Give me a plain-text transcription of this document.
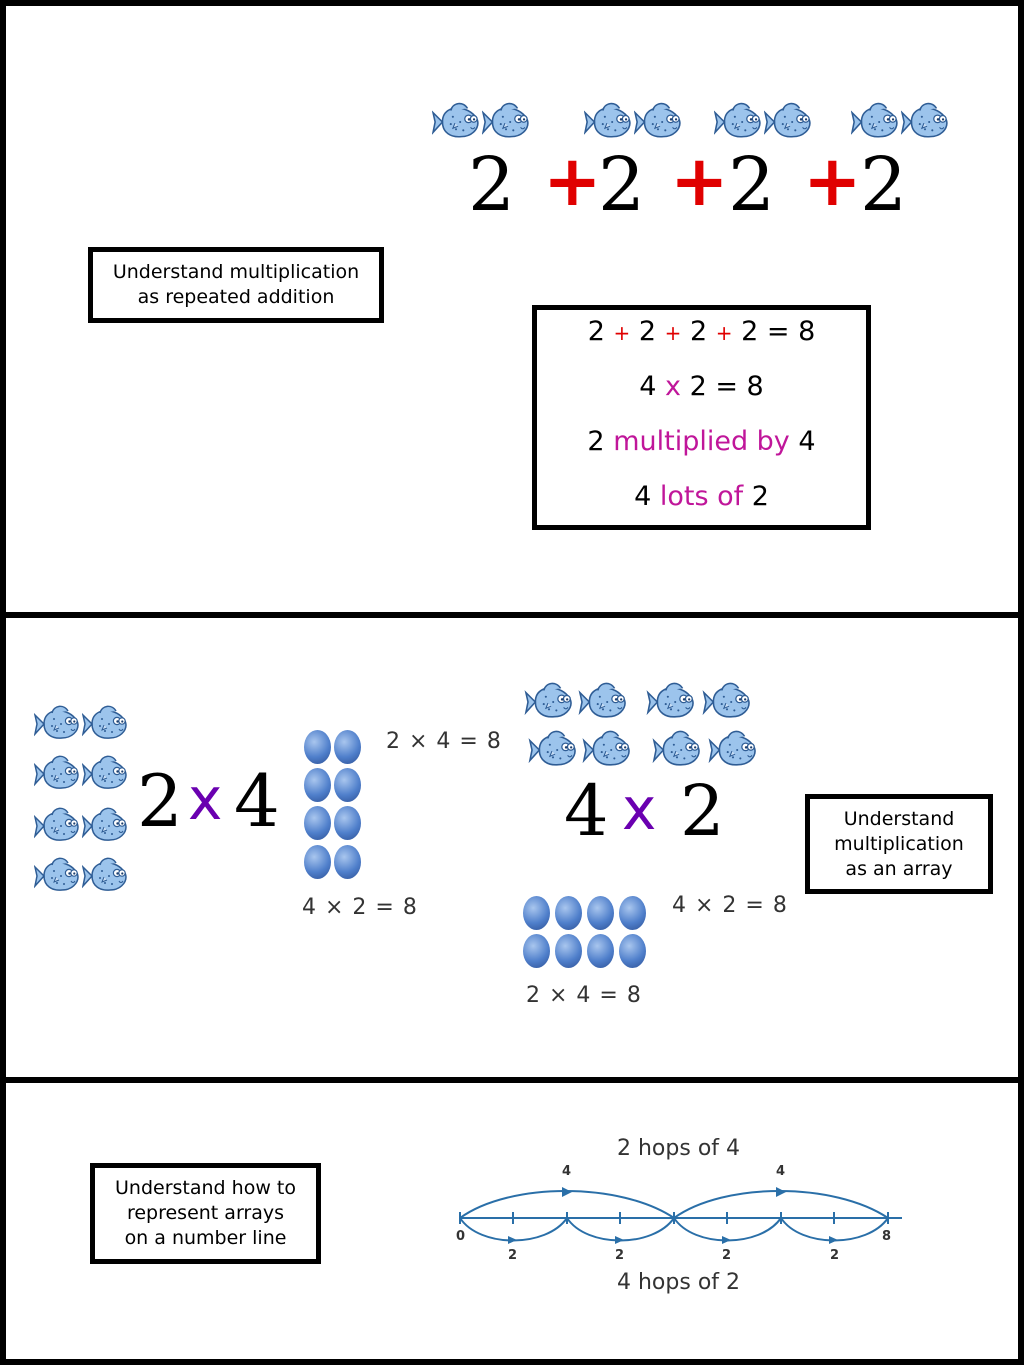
2 +
2 + 2 +
2
Understand multiplication
as repeated addition
2 + 2 + 2 + 2 = 8
4 x 2 = 8
2 multiplied by 4
4 lots of 2
2 x 4
2 × 4 = 8
4 × 2 = 8
4 x 2
4 × 2 = 8
2 × 4 = 8
Understand
multiplication
as an array
Understand how to
represent arrays
on a number line
2 hops of 4
4 hops of 2
0	8
4	4
2	2	2	2
